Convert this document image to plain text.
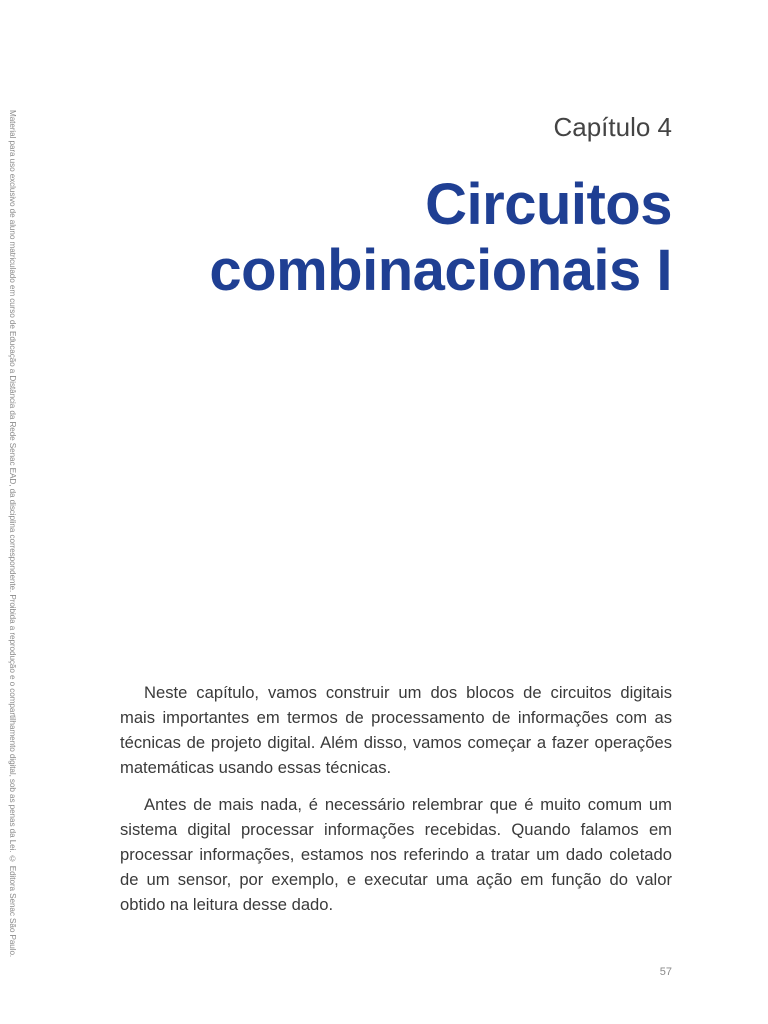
Material para uso exclusivo de aluno matriculado em curso de Educação a Distância da Rede Senac EAD, da disciplina correspondente. Proibida a reprodução e o compartilhamento digital, sob as penas da Lei. © Editora Senac São Paulo.	Capítulo 4
Circuitos
combinacionais I

Neste capítulo, vamos construir um dos blocos de circuitos digitais mais importantes em termos de processamento de informações com as técnicas de projeto digital. Além disso, vamos começar a fazer operações matemáticas usando essas técnicas.

Antes de mais nada, é necessário relembrar que é muito comum um sistema digital processar informações recebidas. Quando falamos em processar informações, estamos nos referindo a tratar um dado coletado de um sensor, por exemplo, e executar uma ação em função do valor obtido na leitura desse dado.

57
